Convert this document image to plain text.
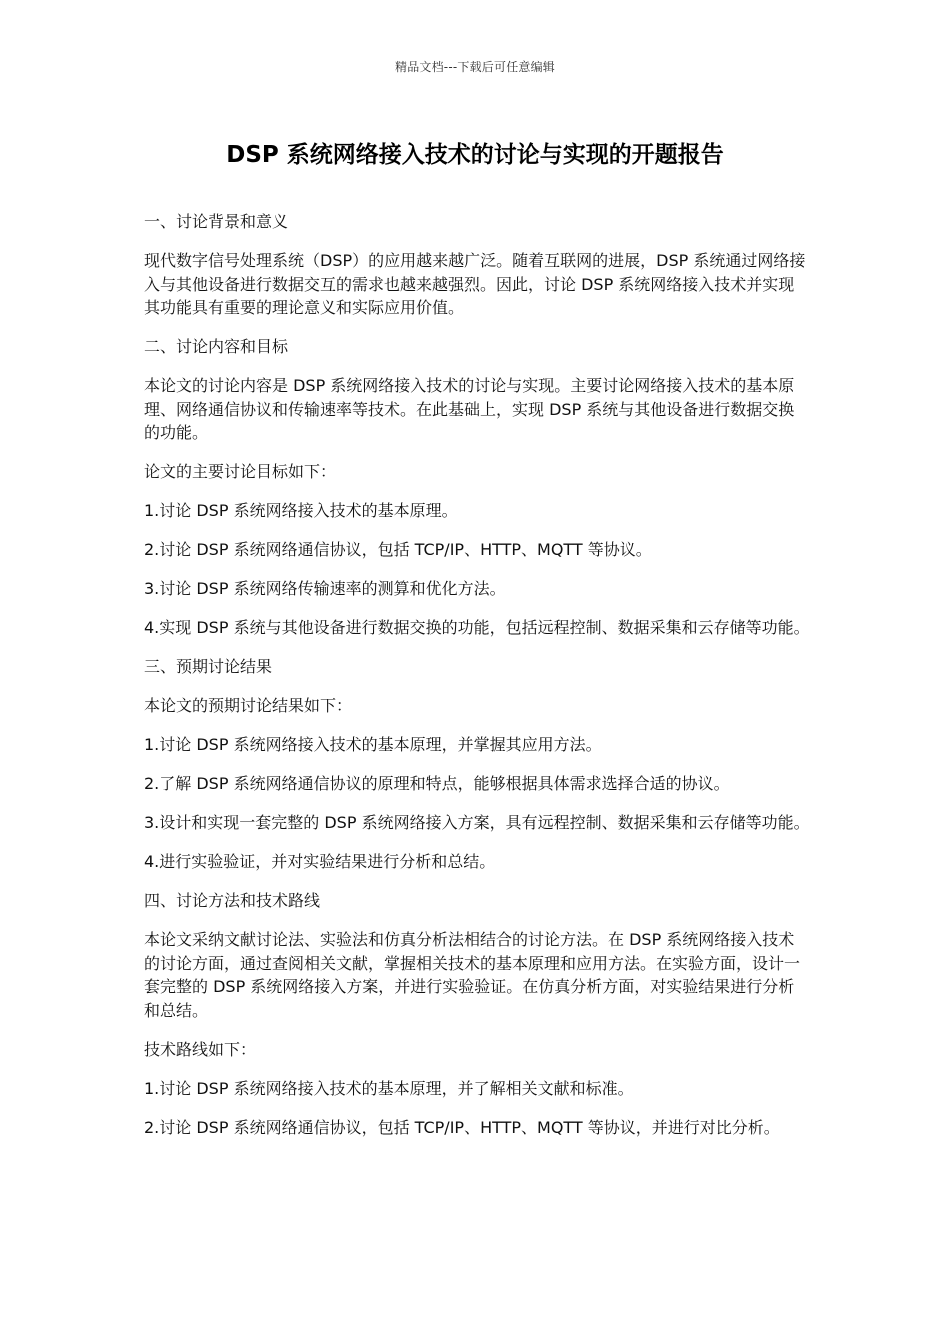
精品文档---下载后可任意编辑
DSP 系统网络接入技术的讨论与实现的开题报告

一、讨论背景和意义

现代数字信号处理系统（DSP）的应用越来越广泛。随着互联网的进展，DSP 系统通过网络接入与其他设备进行数据交互的需求也越来越强烈。因此，讨论 DSP 系统网络接入技术并实现其功能具有重要的理论意义和实际应用价值。

二、讨论内容和目标

本论文的讨论内容是 DSP 系统网络接入技术的讨论与实现。主要讨论网络接入技术的基本原理、网络通信协议和传输速率等技术。在此基础上，实现 DSP 系统与其他设备进行数据交换的功能。

论文的主要讨论目标如下：

1.讨论 DSP 系统网络接入技术的基本原理。

2.讨论 DSP 系统网络通信协议，包括 TCP/IP、HTTP、MQTT 等协议。

3.讨论 DSP 系统网络传输速率的测算和优化方法。

4.实现 DSP 系统与其他设备进行数据交换的功能，包括远程控制、数据采集和云存储等功能。

三、预期讨论结果

本论文的预期讨论结果如下：

1.讨论 DSP 系统网络接入技术的基本原理，并掌握其应用方法。

2.了解 DSP 系统网络通信协议的原理和特点，能够根据具体需求选择合适的协议。

3.设计和实现一套完整的 DSP 系统网络接入方案，具有远程控制、数据采集和云存储等功能。

4.进行实验验证，并对实验结果进行分析和总结。

四、讨论方法和技术路线

本论文采纳文献讨论法、实验法和仿真分析法相结合的讨论方法。在 DSP 系统网络接入技术的讨论方面，通过查阅相关文献，掌握相关技术的基本原理和应用方法。在实验方面，设计一套完整的 DSP 系统网络接入方案，并进行实验验证。在仿真分析方面，对实验结果进行分析和总结。

技术路线如下：

1.讨论 DSP 系统网络接入技术的基本原理，并了解相关文献和标准。

2.讨论 DSP 系统网络通信协议，包括 TCP/IP、HTTP、MQTT 等协议，并进行对比分析。
